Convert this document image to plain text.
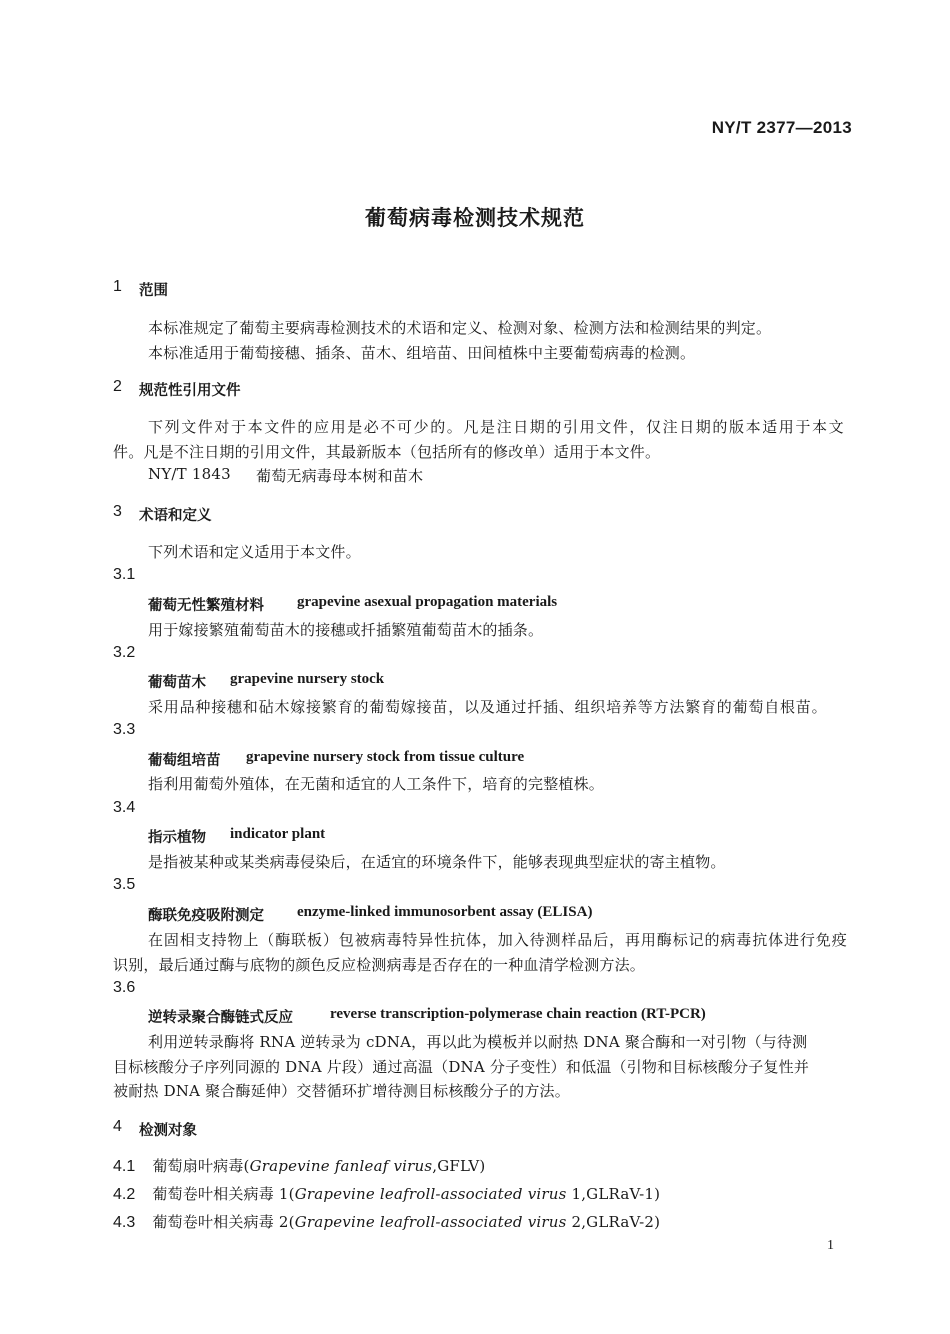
NY/T 2377—2013
葡萄病毒检测技术规范
1 范围
本标准规定了葡萄主要病毒检测技术的术语和定义、检测对象、检测方法和检测结果的判定。
本标准适用于葡萄接穗、插条、苗木、组培苗、田间植株中主要葡萄病毒的检测。
2 规范性引用文件
下列文件对于本文件的应用是必不可少的。凡是注日期的引用文件，仅注日期的版本适用于本文
件。凡是不注日期的引用文件，其最新版本（包括所有的修改单）适用于本文件。
NY/T 1843 葡萄无病毒母本树和苗木
3 术语和定义
下列术语和定义适用于本文件。
3.1
葡萄无性繁殖材料 grapevine asexual propagation materials
用于嫁接繁殖葡萄苗木的接穗或扦插繁殖葡萄苗木的插条。
3.2
葡萄苗木 grapevine nursery stock
采用品种接穗和砧木嫁接繁育的葡萄嫁接苗，以及通过扦插、组织培养等方法繁育的葡萄自根苗。
3.3
葡萄组培苗 grapevine nursery stock from tissue culture
指利用葡萄外殖体，在无菌和适宜的人工条件下，培育的完整植株。
3.4
指示植物 indicator plant
是指被某种或某类病毒侵染后，在适宜的环境条件下，能够表现典型症状的寄主植物。
3.5
酶联免疫吸附测定 enzyme-linked immunosorbent assay (ELISA)
在固相支持物上（酶联板）包被病毒特异性抗体，加入待测样品后，再用酶标记的病毒抗体进行免疫
识别，最后通过酶与底物的颜色反应检测病毒是否存在的一种血清学检测方法。
3.6
逆转录聚合酶链式反应 reverse transcription-polymerase chain reaction (RT-PCR)
利用逆转录酶将 RNA 逆转录为 cDNA，再以此为模板并以耐热 DNA 聚合酶和一对引物（与待测
目标核酸分子序列同源的 DNA 片段）通过高温（DNA 分子变性）和低温（引物和目标核酸分子复性并
被耐热 DNA 聚合酶延伸）交替循环扩增待测目标核酸分子的方法。
4 检测对象
4.1 葡萄扇叶病毒(Grapevine fanleaf virus,GFLV)
4.2 葡萄卷叶相关病毒 1(Grapevine leafroll-associated virus 1,GLRaV-1)
4.3 葡萄卷叶相关病毒 2(Grapevine leafroll-associated virus 2,GLRaV-2)
1
